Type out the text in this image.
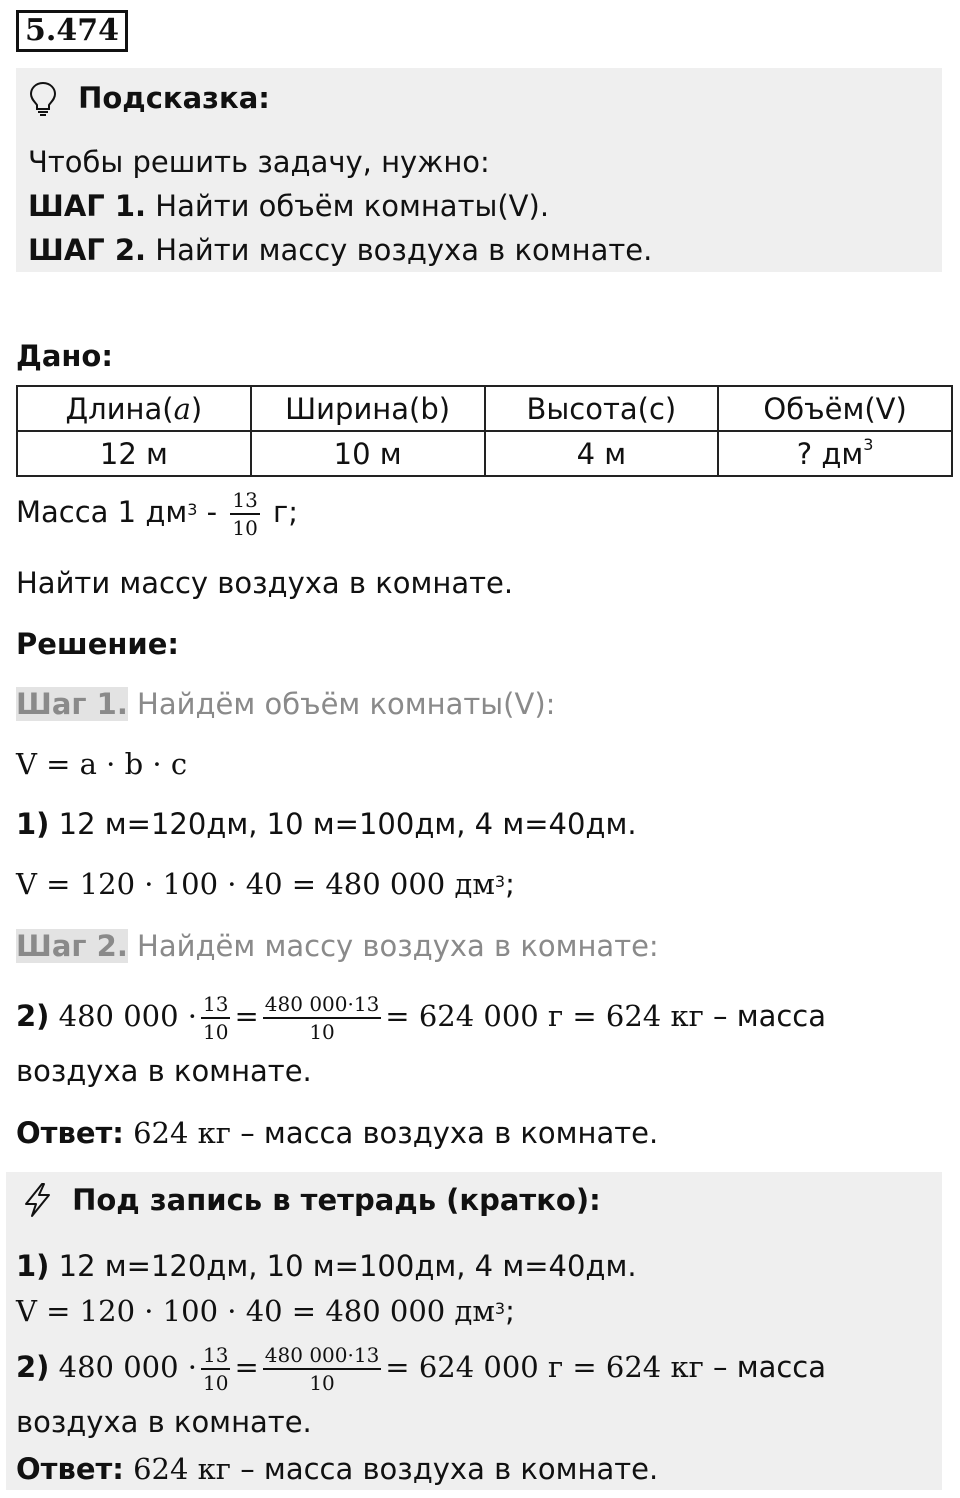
5.474
Подсказка:
Чтобы решить задачу, нужно:
ШАГ 1. Найти объём комнаты(V).
ШАГ 2. Найти массу воздуха в комнате.
Дано:
Длина(a)	Ширина(b)	Высота(c)	Объём(V)
12 м	10 м	4 м	? $дм^3$
Масса 1 $дм^3 - \frac{13}{10} г$;
Найти массу воздуха в комнате.
Решение:
Шаг 1. Найдём объём комнаты(V):
V = a · b · c
1) 12 м=120дм, 10 м=100дм, 4 м=40дм.
V = 120 · 100 · 40 = 480 000 $дм^3$;
Шаг 2. Найдём массу воздуха в комнате:
2) 480 $000 \cdot \frac{13}{10} = \frac{480 000\cdot 13}{10} = 624$ 000 г = 624 кг – масса
воздуха в комнате.
Ответ: 624 кг – масса воздуха в комнате.
Под запись в тетрадь (кратко):
1) 12 м=120дм, 10 м=100дм, 4 м=40дм.
V = 120 · 100 · 40 = 480 000 $дм^3$;
2) 480 $000 \cdot \frac{13}{10} = \frac{480 000\cdot 13}{10} = 624$ 000 г = 624 кг – масса
воздуха в комнате.
Ответ: 624 кг – масса воздуха в комнате.
